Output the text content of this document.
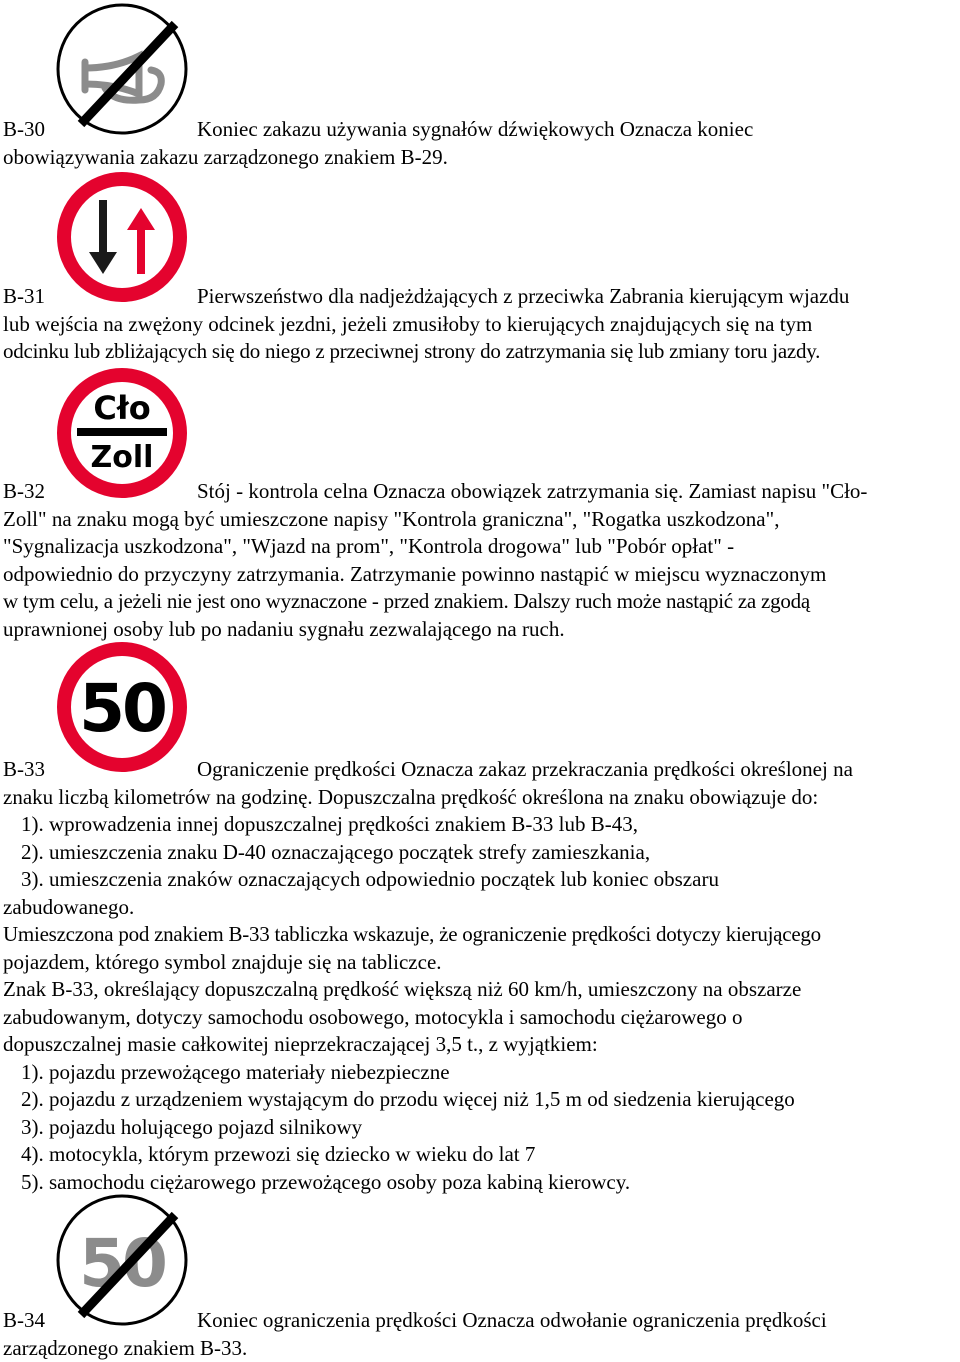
B-30	Koniec zakazu używania sygnałów dźwiękowych Oznacza koniec

obowiązywania zakazu zarządzonego znakiem B-29.

B-31	Pierwszeństwo dla nadjeżdżających z przeciwka Zabrania kierującym wjazdu

lub wejścia na zwężony odcinek jezdni, jeżeli zmusiłoby to kierujących znajdujących się na tym

odcinku lub zbliżających się do niego z przeciwnej strony do zatrzymania się lub zmiany toru jazdy.

Cło
Zoll

B-32	Stój - kontrola celna Oznacza obowiązek zatrzymania się. Zamiast napisu "Cło-

Zoll" na znaku mogą być umieszczone napisy "Kontrola graniczna", "Rogatka uszkodzona",

"Sygnalizacja uszkodzona", "Wjazd na prom", "Kontrola drogowa" lub "Pobór opłat" -

odpowiednio do przyczyny zatrzymania. Zatrzymanie powinno nastąpić w miejscu wyznaczonym

w tym celu, a jeżeli nie jest ono wyznaczone - przed znakiem. Dalszy ruch może nastąpić za zgodą

uprawnionej osoby lub po nadaniu sygnału zezwalającego na ruch.

50

B-33	Ograniczenie prędkości Oznacza zakaz przekraczania prędkości określonej na

znaku liczbą kilometrów na godzinę. Dopuszczalna prędkość określona na znaku obowiązuje do:

1). wprowadzenia innej dopuszczalnej prędkości znakiem B-33 lub B-43,

2). umieszczenia znaku D-40 oznaczającego początek strefy zamieszkania,

3). umieszczenia znaków oznaczających odpowiednio początek lub koniec obszaru

zabudowanego.

Umieszczona pod znakiem B-33 tabliczka wskazuje, że ograniczenie prędkości dotyczy kierującego

pojazdem, którego symbol znajduje się na tabliczce.

Znak B-33, określający dopuszczalną prędkość większą niż 60 km/h, umieszczony na obszarze

zabudowanym, dotyczy samochodu osobowego, motocykla i samochodu ciężarowego o

dopuszczalnej masie całkowitej nieprzekraczającej 3,5 t., z wyjątkiem:

1). pojazdu przewożącego materiały niebezpieczne

2). pojazdu z urządzeniem wystającym do przodu więcej niż 1,5 m od siedzenia kierującego

3). pojazdu holującego pojazd silnikowy

4). motocykla, którym przewozi się dziecko w wieku do lat 7

5). samochodu ciężarowego przewożącego osoby poza kabiną kierowcy.

50

B-34	Koniec ograniczenia prędkości Oznacza odwołanie ograniczenia prędkości

zarządzonego znakiem B-33.
